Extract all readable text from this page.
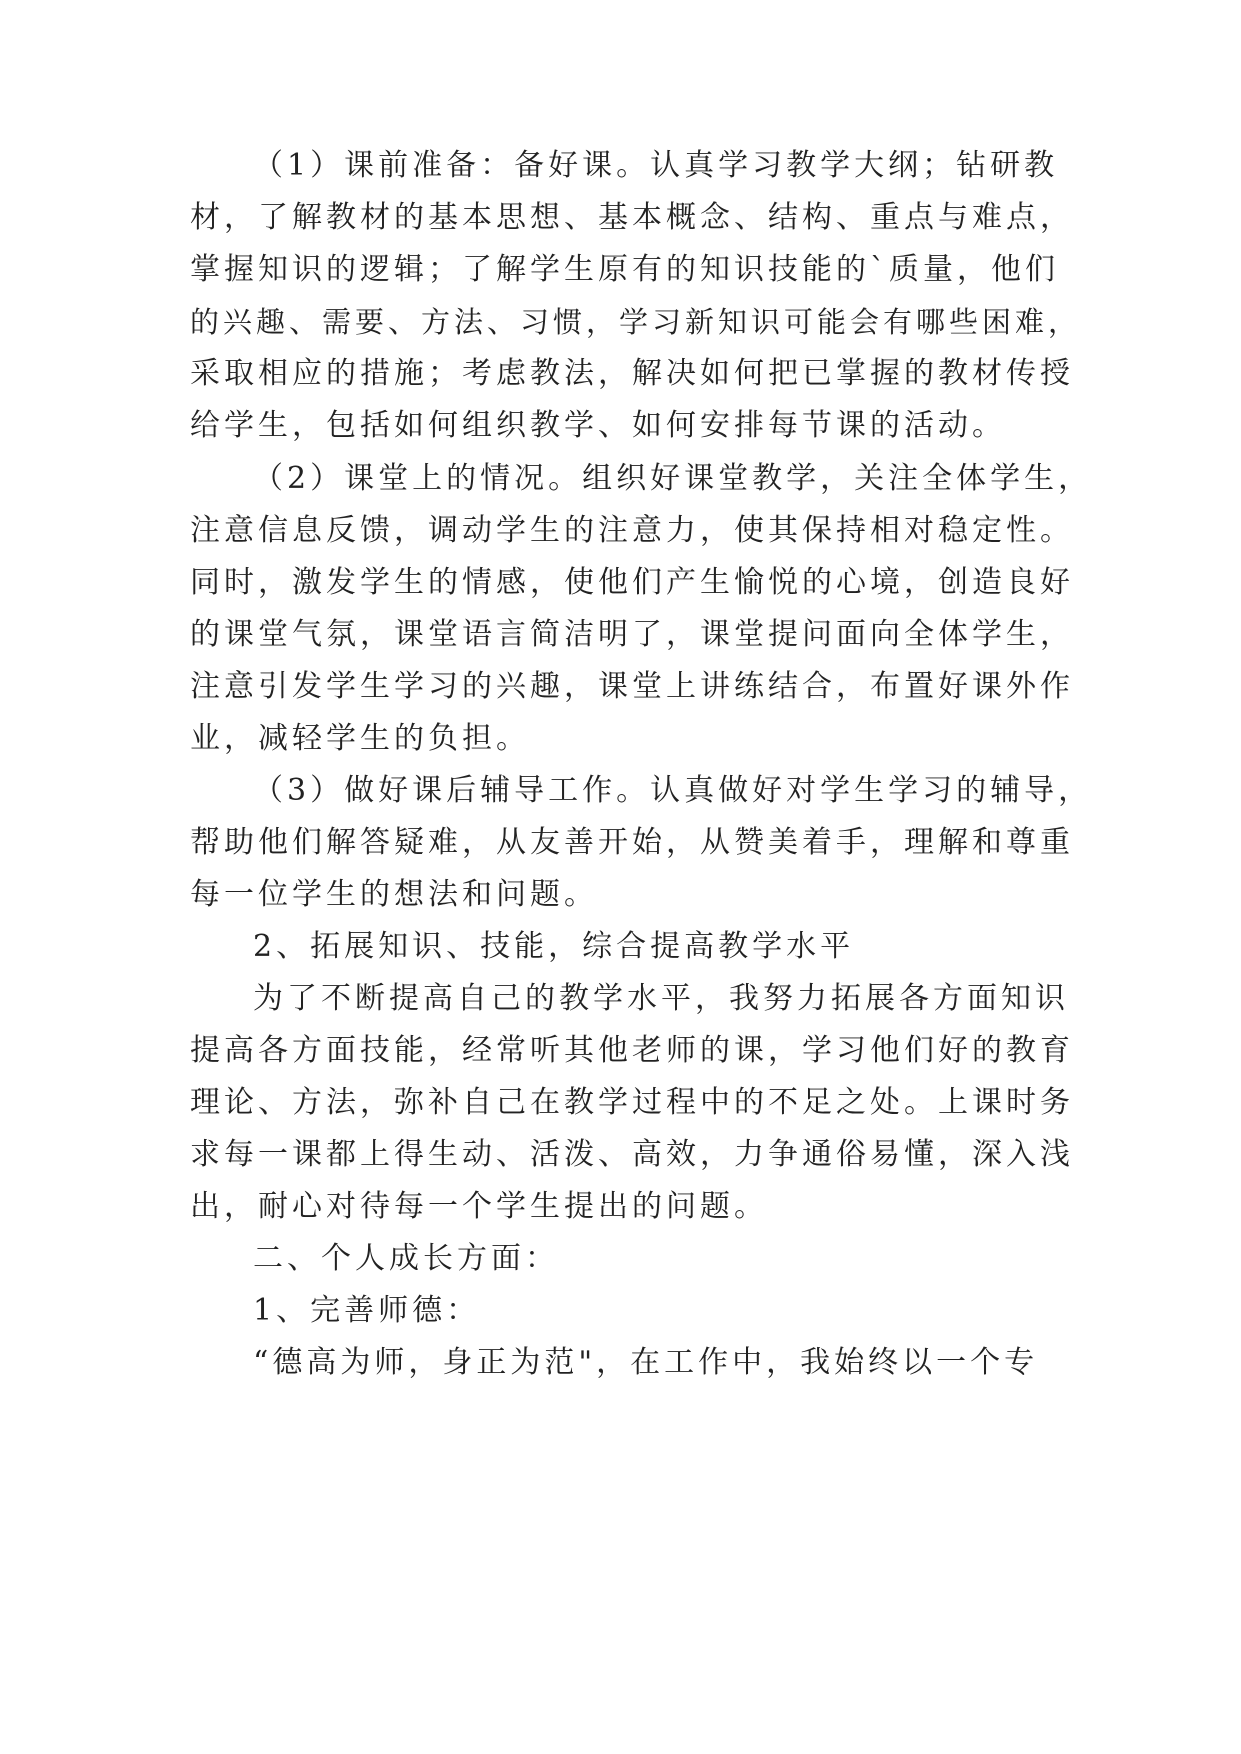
（1）课前准备：备好课。认真学习教学大纲；钻研教
材，了解教材的基本思想、基本概念、结构、重点与难点，
掌握知识的逻辑；了解学生原有的知识技能的`质量，他们
的兴趣、需要、方法、习惯，学习新知识可能会有哪些困难，
采取相应的措施；考虑教法，解决如何把已掌握的教材传授
给学生，包括如何组织教学、如何安排每节课的活动。
（2）课堂上的情况。组织好课堂教学，关注全体学生，
注意信息反馈，调动学生的注意力，使其保持相对稳定性。
同时，激发学生的情感，使他们产生愉悦的心境，创造良好
的课堂气氛，课堂语言简洁明了，课堂提问面向全体学生，
注意引发学生学习的兴趣，课堂上讲练结合，布置好课外作
业，减轻学生的负担。
（3）做好课后辅导工作。认真做好对学生学习的辅导，
帮助他们解答疑难，从友善开始，从赞美着手，理解和尊重
每一位学生的想法和问题。
2、拓展知识、技能，综合提高教学水平
为了不断提高自己的教学水平，我努力拓展各方面知识
提高各方面技能，经常听其他老师的课，学习他们好的教育
理论、方法，弥补自己在教学过程中的不足之处。上课时务
求每一课都上得生动、活泼、高效，力争通俗易懂，深入浅
出，耐心对待每一个学生提出的问题。
二、个人成长方面：
1、完善师德：
“德高为师，身正为范"，在工作中，我始终以一个专
